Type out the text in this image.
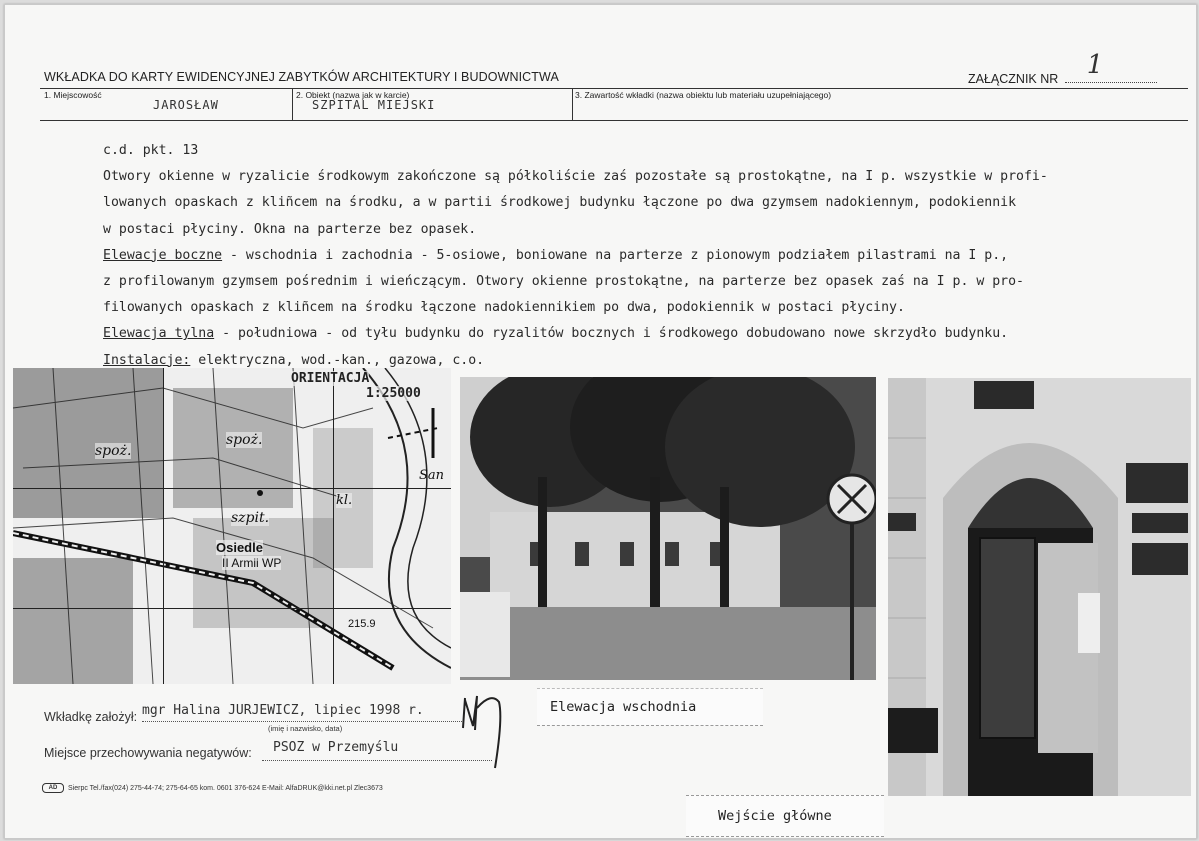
WKŁADKA DO KARTY EWIDENCYJNEJ ZABYTKÓW ARCHITEKTURY I BUDOWNICTWA	ZAŁĄCZNIK NR 1
1. Miejscowość
JAROSŁAW
2. Obiekt (nazwa jak w karcie)
SZPITAL MIEJSKI
3. Zawartość wkładki (nazwa obiektu lub materiału uzupełniającego)

c.d. pkt. 13

Otwory okienne w ryzalicie środkowym zakończone są półkoliście zaś pozostałe są prostokątne, na I p. wszystkie w profi-

lowanych opaskach z kliñcem na środku, a w partii środkowej budynku łączone po dwa gzymsem nadokiennym, podokiennik

w postaci płyciny. Okna na parterze bez opasek.

Elewacje boczne - wschodnia i zachodnia - 5-osiowe, boniowane na parterze z pionowym podziałem pilastrami na I p.,

z profilowanym gzymsem pośrednim i wieńczącym. Otwory okienne prostokątne, na parterze bez opasek zaś na I p. w pro-

filowanych opaskach z kliñcem na środku łączone nadokiennikiem po dwa, podokiennik w postaci płyciny.

Elewacja tylna - południowa - od tyłu budynku do ryzalitów bocznych i środkowego dobudowano nowe skrzydło budynku.

Instalacje: elektryczna, wod.-kan., gazowa, c.o.

ORIENTACJA
1:25000
spoż.
spoż.
szpit.
Osiedle
II Armii WP
kl.
San
215.9
Wkładkę założył: mgr Halina JURJEWICZ, lipiec 1998 r.
(imię i nazwisko, data)
Miejsce przechowywania negatywów: PSOZ w Przemyślu
Elewacja wschodnia
Wejście główne
AD Sierpc Tel./fax(024) 275-44-74; 275-64-65 kom. 0601 376-624 E-Mail: AlfaDRUK@kki.net.pl Zlec3673
